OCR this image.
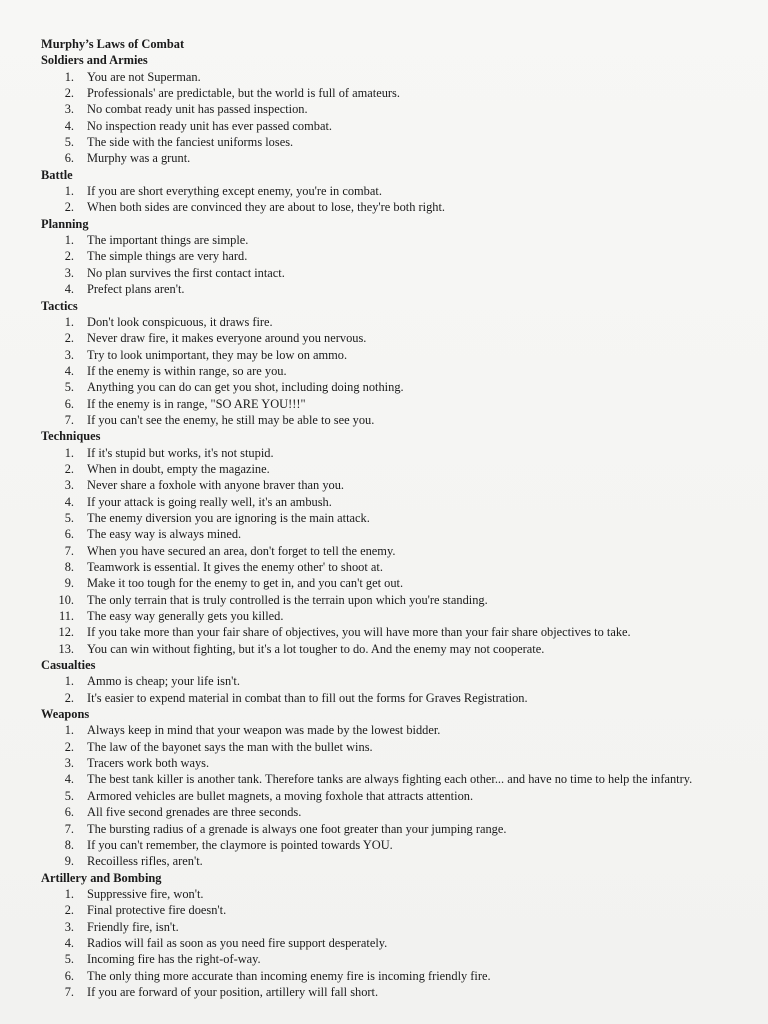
Murphy’s Laws of Combat
Soldiers and Armies
1. You are not Superman.
2. Professionals' are predictable, but the world is full of amateurs.
3. No combat ready unit has passed inspection.
4. No inspection ready unit has ever passed combat.
5. The side with the fanciest uniforms loses.
6. Murphy was a grunt.
Battle
1. If you are short everything except enemy, you're in combat.
2. When both sides are convinced they are about to lose, they're both right.
Planning
1. The important things are simple.
2. The simple things are very hard.
3. No plan survives the first contact intact.
4. Prefect plans aren't.
Tactics
1. Don't look conspicuous, it draws fire.
2. Never draw fire, it makes everyone around you nervous.
3. Try to look unimportant, they may be low on ammo.
4. If the enemy is within range, so are you.
5. Anything you can do can get you shot, including doing nothing.
6. If the enemy is in range, "SO ARE YOU!!!"
7. If you can't see the enemy, he still may be able to see you.
Techniques
1. If it's stupid but works, it's not stupid.
2. When in doubt, empty the magazine.
3. Never share a foxhole with anyone braver than you.
4. If your attack is going really well, it's an ambush.
5. The enemy diversion you are ignoring is the main attack.
6. The easy way is always mined.
7. When you have secured an area, don't forget to tell the enemy.
8. Teamwork is essential. It gives the enemy other' to shoot at.
9. Make it too tough for the enemy to get in, and you can't get out.
10. The only terrain that is truly controlled is the terrain upon which you're standing.
11. The easy way generally gets you killed.
12. If you take more than your fair share of objectives, you will have more than your fair share objectives to take.
13. You can win without fighting, but it's a lot tougher to do. And the enemy may not cooperate.
Casualties
1. Ammo is cheap; your life isn't.
2. It's easier to expend material in combat than to fill out the forms for Graves Registration.
Weapons
1. Always keep in mind that your weapon was made by the lowest bidder.
2. The law of the bayonet says the man with the bullet wins.
3. Tracers work both ways.
4. The best tank killer is another tank. Therefore tanks are always fighting each other... and have no time to help the infantry.
5. Armored vehicles are bullet magnets, a moving foxhole that attracts attention.
6. All five second grenades are three seconds.
7. The bursting radius of a grenade is always one foot greater than your jumping range.
8. If you can't remember, the claymore is pointed towards YOU.
9. Recoilless rifles, aren't.
Artillery and Bombing
1. Suppressive fire, won't.
2. Final protective fire doesn't.
3. Friendly fire, isn't.
4. Radios will fail as soon as you need fire support desperately.
5. Incoming fire has the right-of-way.
6. The only thing more accurate than incoming enemy fire is incoming friendly fire.
7. If you are forward of your position, artillery will fall short.
